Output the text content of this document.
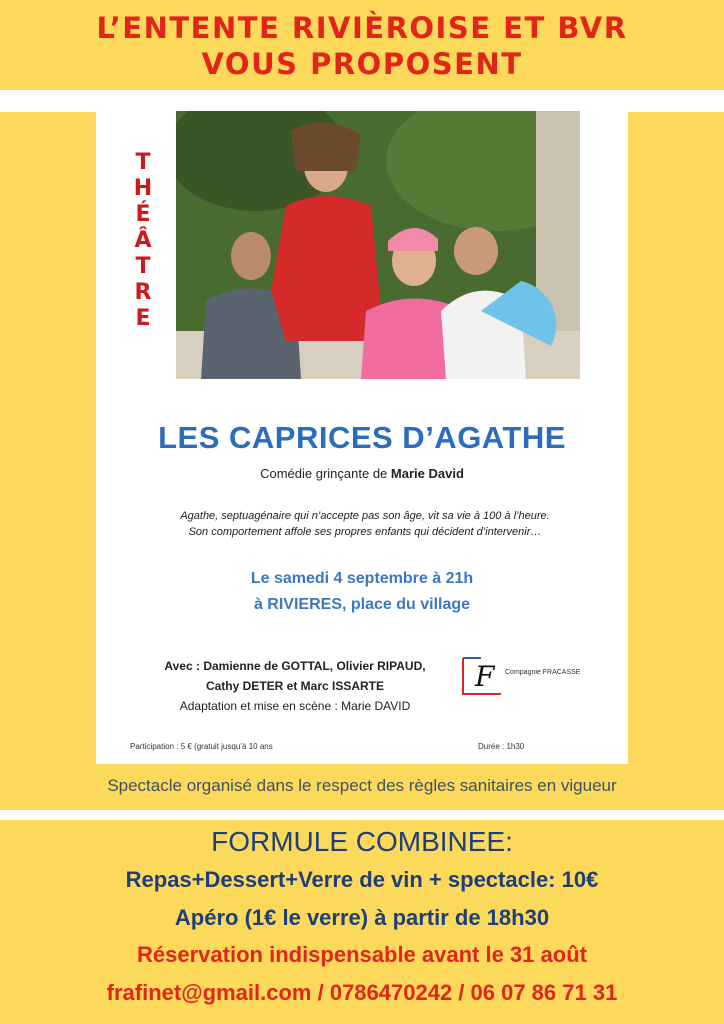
L’ENTENTE RIVIÈROISE ET BVR
VOUS PROPOSENT
THÉÂTRE
LES CAPRICES D’AGATHE
Comédie grinçante de Marie David
Agathe, septuagénaire qui n’accepte pas son âge, vit sa vie à 100 à l’heure.
Son comportement affole ses propres enfants qui décident d’intervenir…
Le samedi 4 septembre à 21h
à RIVIERES, place du village
Avec : Damienne de GOTTAL, Olivier RIPAUD,
Cathy DETER et Marc ISSARTE
Adaptation et mise en scène : Marie DAVID
F Compagnie FRACASSE
Participation : 5 € (gratuit jusqu’à 10 ans	Durée : 1h30
Spectacle organisé dans le respect des règles sanitaires en vigueur
FORMULE COMBINEE:
Repas+Dessert+Verre de vin + spectacle: 10€
Apéro (1€ le verre) à partir de 18h30
Réservation indispensable avant le 31 août
frafinet@gmail.com / 0786470242 / 06 07 86 71 31
